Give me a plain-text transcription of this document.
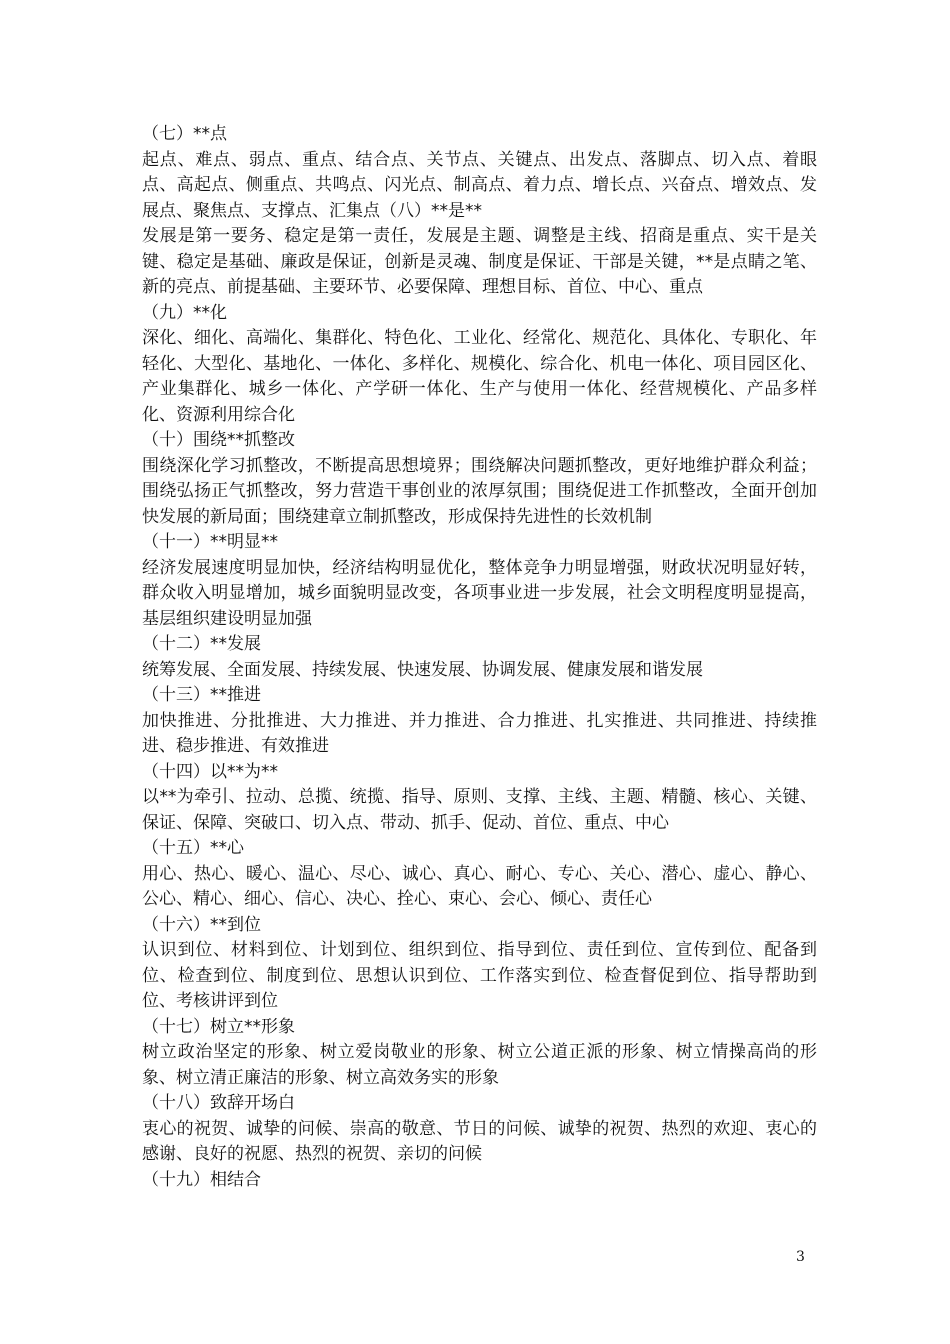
（七）**点
起点、难点、弱点、重点、结合点、关节点、关键点、出发点、落脚点、切入点、着眼点、高起点、侧重点、共鸣点、闪光点、制高点、着力点、增长点、兴奋点、增效点、发展点、聚焦点、支撑点、汇集点（八）**是**
发展是第一要务、稳定是第一责任，发展是主题、调整是主线、招商是重点、实干是关键、稳定是基础、廉政是保证，创新是灵魂、制度是保证、干部是关键，**是点睛之笔、新的亮点、前提基础、主要环节、必要保障、理想目标、首位、中心、重点
（九）**化
深化、细化、高端化、集群化、特色化、工业化、经常化、规范化、具体化、专职化、年轻化、大型化、基地化、一体化、多样化、规模化、综合化、机电一体化、项目园区化、产业集群化、城乡一体化、产学研一体化、生产与使用一体化、经营规模化、产品多样化、资源利用综合化
（十）围绕**抓整改
围绕深化学习抓整改，不断提高思想境界；围绕解决问题抓整改，更好地维护群众利益；围绕弘扬正气抓整改，努力营造干事创业的浓厚氛围；围绕促进工作抓整改，全面开创加快发展的新局面；围绕建章立制抓整改，形成保持先进性的长效机制
（十一）**明显**
经济发展速度明显加快，经济结构明显优化，整体竞争力明显增强，财政状况明显好转，群众收入明显增加，城乡面貌明显改变，各项事业进一步发展，社会文明程度明显提高，基层组织建设明显加强
（十二）**发展
统筹发展、全面发展、持续发展、快速发展、协调发展、健康发展和谐发展
（十三）**推进
加快推进、分批推进、大力推进、并力推进、合力推进、扎实推进、共同推进、持续推进、稳步推进、有效推进
（十四）以**为**
以**为牵引、拉动、总揽、统揽、指导、原则、支撑、主线、主题、精髓、核心、关键、保证、保障、突破口、切入点、带动、抓手、促动、首位、重点、中心
（十五）**心
用心、热心、暖心、温心、尽心、诚心、真心、耐心、专心、关心、潜心、虚心、静心、公心、精心、细心、信心、决心、拴心、束心、会心、倾心、责任心
（十六）**到位
认识到位、材料到位、计划到位、组织到位、指导到位、责任到位、宣传到位、配备到位、检查到位、制度到位、思想认识到位、工作落实到位、检查督促到位、指导帮助到位、考核讲评到位
（十七）树立**形象
树立政治坚定的形象、树立爱岗敬业的形象、树立公道正派的形象、树立情操高尚的形象、树立清正廉洁的形象、树立高效务实的形象
（十八）致辞开场白
衷心的祝贺、诚挚的问候、崇高的敬意、节日的问候、诚挚的祝贺、热烈的欢迎、衷心的感谢、良好的祝愿、热烈的祝贺、亲切的问候
（十九）相结合
3
